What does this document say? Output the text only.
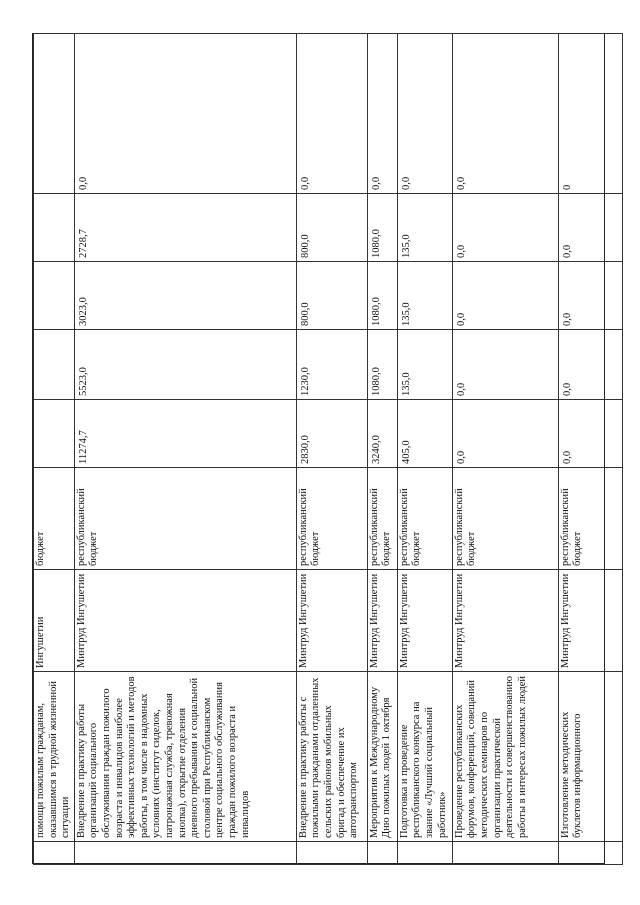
	помощи пожилым гражданам, оказавшимся в трудной жизненной ситуации	Ингушетии	бюджет					
	Внедрение в практику работы организаций социального обслуживания граждан пожилого возраста и инвалидов наиболее эффективных технологий и методов работы, в том числе в надомных условиях (институт сиделок, патронажная служба, тревожная кнопка), открытие отделения дневного пребывания и социальной столовой при Республиканском центре социального обслуживания граждан пожилого возраста и инвалидов	Минтруд Ингушетии	республиканский бюджет	11274,7	5523,0	3023,0	2728,7	0,0
	Внедрение в практику работы с пожилыми гражданами отдаленных сельских районов мобильных бригад и обеспечение их автотранспортом	Минтруд Ингушетии	республиканский бюджет	2830,0	1230,0	800,0	800,0	0,0
	Мероприятия к Международному Дню пожилых людей 1 октября	Минтруд Ингушетии	республиканский бюджет	3240,0	1080,0	1080,0	1080,0	0,0
	Подготовка и проведение республиканского конкурса на звание «Лучший социальный работник»	Минтруд Ингушетии	республиканский бюджет	405,0	135,0	135,0	135,0	0,0
	Проведение республиканских форумов, конференций, совещаний методических семинаров по организации практической деятельности и совершенствованию работы в интересах пожилых людей	Минтруд Ингушетии	республиканский бюджет	0,0	0,0	0,0	0,0	0,0
	Изготовление методических буклетов информационного	Минтруд Ингушетии	республиканский бюджет	0,0	0,0	0,0	0,0	0
